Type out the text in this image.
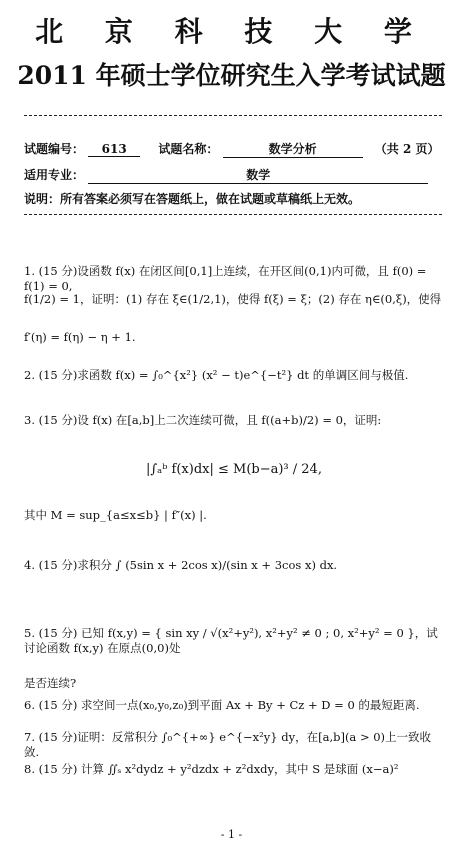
北 京 科 技 大 学
2011 年硕士学位研究生入学考试试题
试题编号： 613	试题名称：	数学分析	（共 2 页）
适用专业：	数学
说明：所有答案必须写在答题纸上，做在试题或草稿纸上无效。
1. (15 分)设函数 f(x) 在闭区间[0,1]上连续，在开区间(0,1)内可微，且 f(0) = f(1) = 0,
f(1/2) = 1，证明：(1) 存在 ξ∈(1/2,1)，使得 f(ξ) = ξ；(2) 存在 η∈(0,ξ)，使得
f′(η) = f(η) − η + 1.
2. (15 分)求函数 f(x) = ∫₀^{x²} (x² − t)e^{−t²} dt 的单调区间与极值.
3. (15 分)设 f(x) 在[a,b]上二次连续可微，且 f((a+b)/2) = 0，证明:
|∫ₐᵇ f(x)dx| ≤ M(b−a)³ / 24,
其中 M = sup_{a≤x≤b} | f″(x) |.
4. (15 分)求积分 ∫ (5sin x + 2cos x)/(sin x + 3cos x) dx.
5. (15 分) 已知 f(x,y) = { sin xy / √(x²+y²), x²+y² ≠ 0 ; 0, x²+y² = 0 }，试讨论函数 f(x,y) 在原点(0,0)处
是否连续?
6. (15 分) 求空间一点(x₀,y₀,z₀)到平面 Ax + By + Cz + D = 0 的最短距离.
7. (15 分)证明：反常积分 ∫₀^{+∞} e^{−x²y} dy，在[a,b](a > 0)上一致收敛.
8. (15 分) 计算 ∬ₛ x²dydz + y²dzdx + z²dxdy，其中 S 是球面 (x−a)²
- 1 -
